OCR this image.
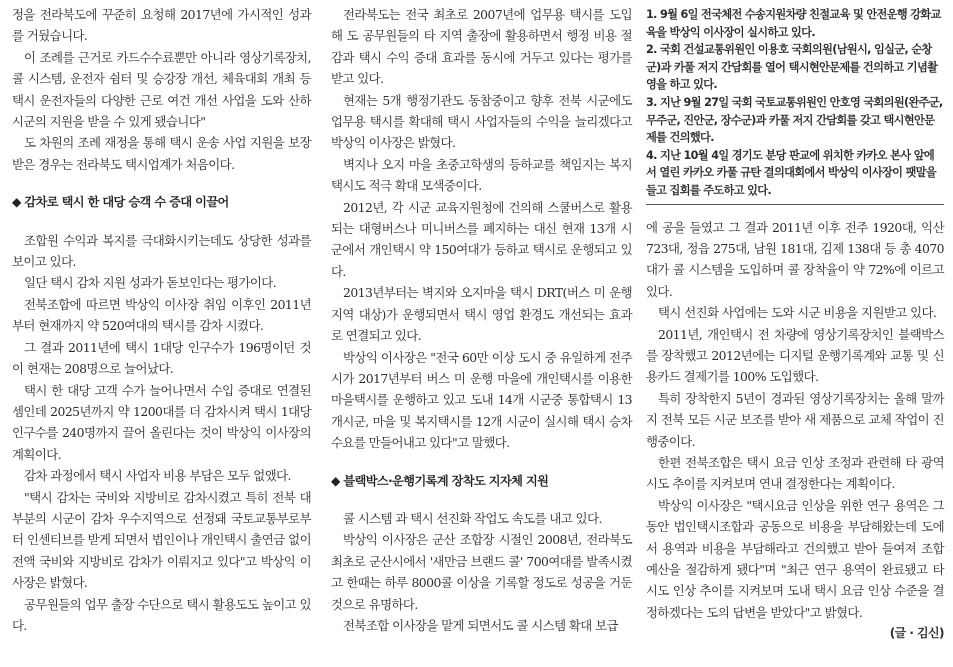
정을 전라북도에 꾸준히 요청해 2017년에 가시적인 성과를 거뒀습니다.

이 조례를 근거로 카드수수료뿐만 아니라 영상기록장치, 콜 시스템, 운전자 쉼터 및 승강장 개선, 체육대회 개최 등 택시 운전자들의 다양한 근로 여건 개선 사업을 도와 산하 시군의 지원을 받을 수 있게 됐습니다"

도 차원의 조례 재정을 통해 택시 운송 사업 지원을 보장받은 경우는 전라북도 택시업계가 처음이다.

◆ 감차로 택시 한 대당 승객 수 증대 이끌어

조합원 수익과 복지를 극대화시키는데도 상당한 성과를 보이고 있다.

일단 택시 감차 지원 성과가 돋보인다는 평가이다.

전북조합에 따르면 박상익 이사장 취임 이후인 2011년부터 현재까지 약 520여대의 택시를 감차 시켰다.

그 결과 2011년에 택시 1대당 인구수가 196명이던 것이 현재는 208명으로 늘어났다.

택시 한 대당 고객 수가 늘어나면서 수입 증대로 연결된 셈인데 2025년까지 약 1200대를 더 감차시켜 택시 1대당 인구수를 240명까지 끌어 올린다는 것이 박상익 이사장의 계획이다.

감차 과정에서 택시 사업자 비용 부담은 모두 없앴다.

"택시 감차는 국비와 지방비로 감차시켰고 특히 전북 대부분의 시군이 감차 우수지역으로 선정돼 국토교통부로부터 인센티브를 받게 되면서 법인이나 개인택시 출연금 없이 전액 국비와 지방비로 감차가 이뤄지고 있다"고 박상익 이사장은 밝혔다.

공무원들의 업무 출장 수단으로 택시 활용도도 높이고 있다.

전라북도는 전국 최초로 2007년에 업무용 택시를 도입해 도 공무원들의 타 지역 출장에 활용하면서 행정 비용 절감과 택시 수익 증대 효과를 동시에 거두고 있다는 평가를 받고 있다.

현재는 5개 행정기관도 동참중이고 향후 전북 시군에도 업무용 택시를 확대해 택시 사업자들의 수익을 늘리겠다고 박상익 이사장은 밝혔다.

벽지나 오지 마을 초중고학생의 등하교를 책임지는 복지택시도 적극 확대 모색중이다.

2012년, 각 시군 교육지원청에 건의해 스쿨버스로 활용되는 대형버스나 미니버스를 폐지하는 대신 현재 13개 시군에서 개인택시 약 150여대가 등하교 택시로 운행되고 있다.

2013년부터는 벽지와 오지마을 택시 DRT(버스 미 운행지역 대상)가 운행되면서 택시 영업 환경도 개선되는 효과로 연결되고 있다.

박상익 이사장은 "전국 60만 이상 도시 중 유일하게 전주시가 2017년부터 버스 미 운행 마을에 개인택시를 이용한 마을택시를 운행하고 있고 도내 14개 시군중 통합택시 13개시군, 마을 및 복지택시를 12개 시군이 실시해 택시 승차 수요를 만들어내고 있다"고 말했다.

◆ 블랙박스·운행기록계 장착도 지자체 지원

콜 시스템 과 택시 선진화 작업도 속도를 내고 있다.

박상익 이사장은 군산 조합장 시절인 2008년, 전라북도 최초로 군산시에서 '새만금 브랜드 콜' 700여대를 발족시켰고 한때는 하루 8000콜 이상을 기록할 정도로 성공을 거둔 것으로 유명하다.

전북조합 이사장을 맡게 되면서도 콜 시스템 확대 보급

1. 9월 6일 전국체전 수송지원차량 친절교육 및 안전운행 강화교육을 박상익 이사장이 실시하고 있다.

2. 국회 건설교통위원인 이용호 국회의원(남원시, 임실군, 순창군)과 카풀 저지 간담회를 열어 택시현안문제를 건의하고 기념촬영을 하고 있다.

3. 지난 9월 27일 국회 국토교통위원인 안호영 국회의원(완주군, 무주군, 진안군, 장수군)과 카풀 저지 간담회를 갖고 택시현안문제를 건의했다.

4. 지난 10월 4일 경기도 분당 판교에 위치한 카카오 본사 앞에서 열린 카카오 카풀 규탄 결의대회에서 박상익 이사장이 팻말을 들고 집회를 주도하고 있다.

에 공을 들였고 그 결과 2011년 이후 전주 1920대, 익산 723대, 정읍 275대, 남원 181대, 김제 138대 등 총 4070대가 콜 시스템을 도입하며 콜 장착율이 약 72%에 이르고 있다.

택시 선진화 사업에는 도와 시군 비용을 지원받고 있다.

2011년, 개인택시 전 차량에 영상기록장치인 블랙박스를 장착했고 2012년에는 디지털 운행기록계와 교통 및 신용카드 결제기를 100% 도입했다.

특히 장착한지 5년이 경과된 영상기록장치는 올해 말까지 전북 모든 시군 보조를 받아 새 제품으로 교체 작업이 진행중이다.

한편 전북조합은 택시 요금 인상 조정과 관련해 타 광역시도 추이를 지켜보며 연내 결정한다는 계획이다.

박상익 이사장은 "택시요금 인상을 위한 연구 용역은 그동안 법인택시조합과 공동으로 비용을 부담해왔는데 도에서 용역과 비용을 부담해라고 건의했고 받아 들여져 조합 예산을 절감하게 됐다"며 "최근 연구 용역이 완료됐고 타 시도 인상 추이를 지켜보며 도내 택시 요금 인상 수준을 결정하겠다는 도의 답변을 받았다"고 밝혔다.

(글 · 김신)
